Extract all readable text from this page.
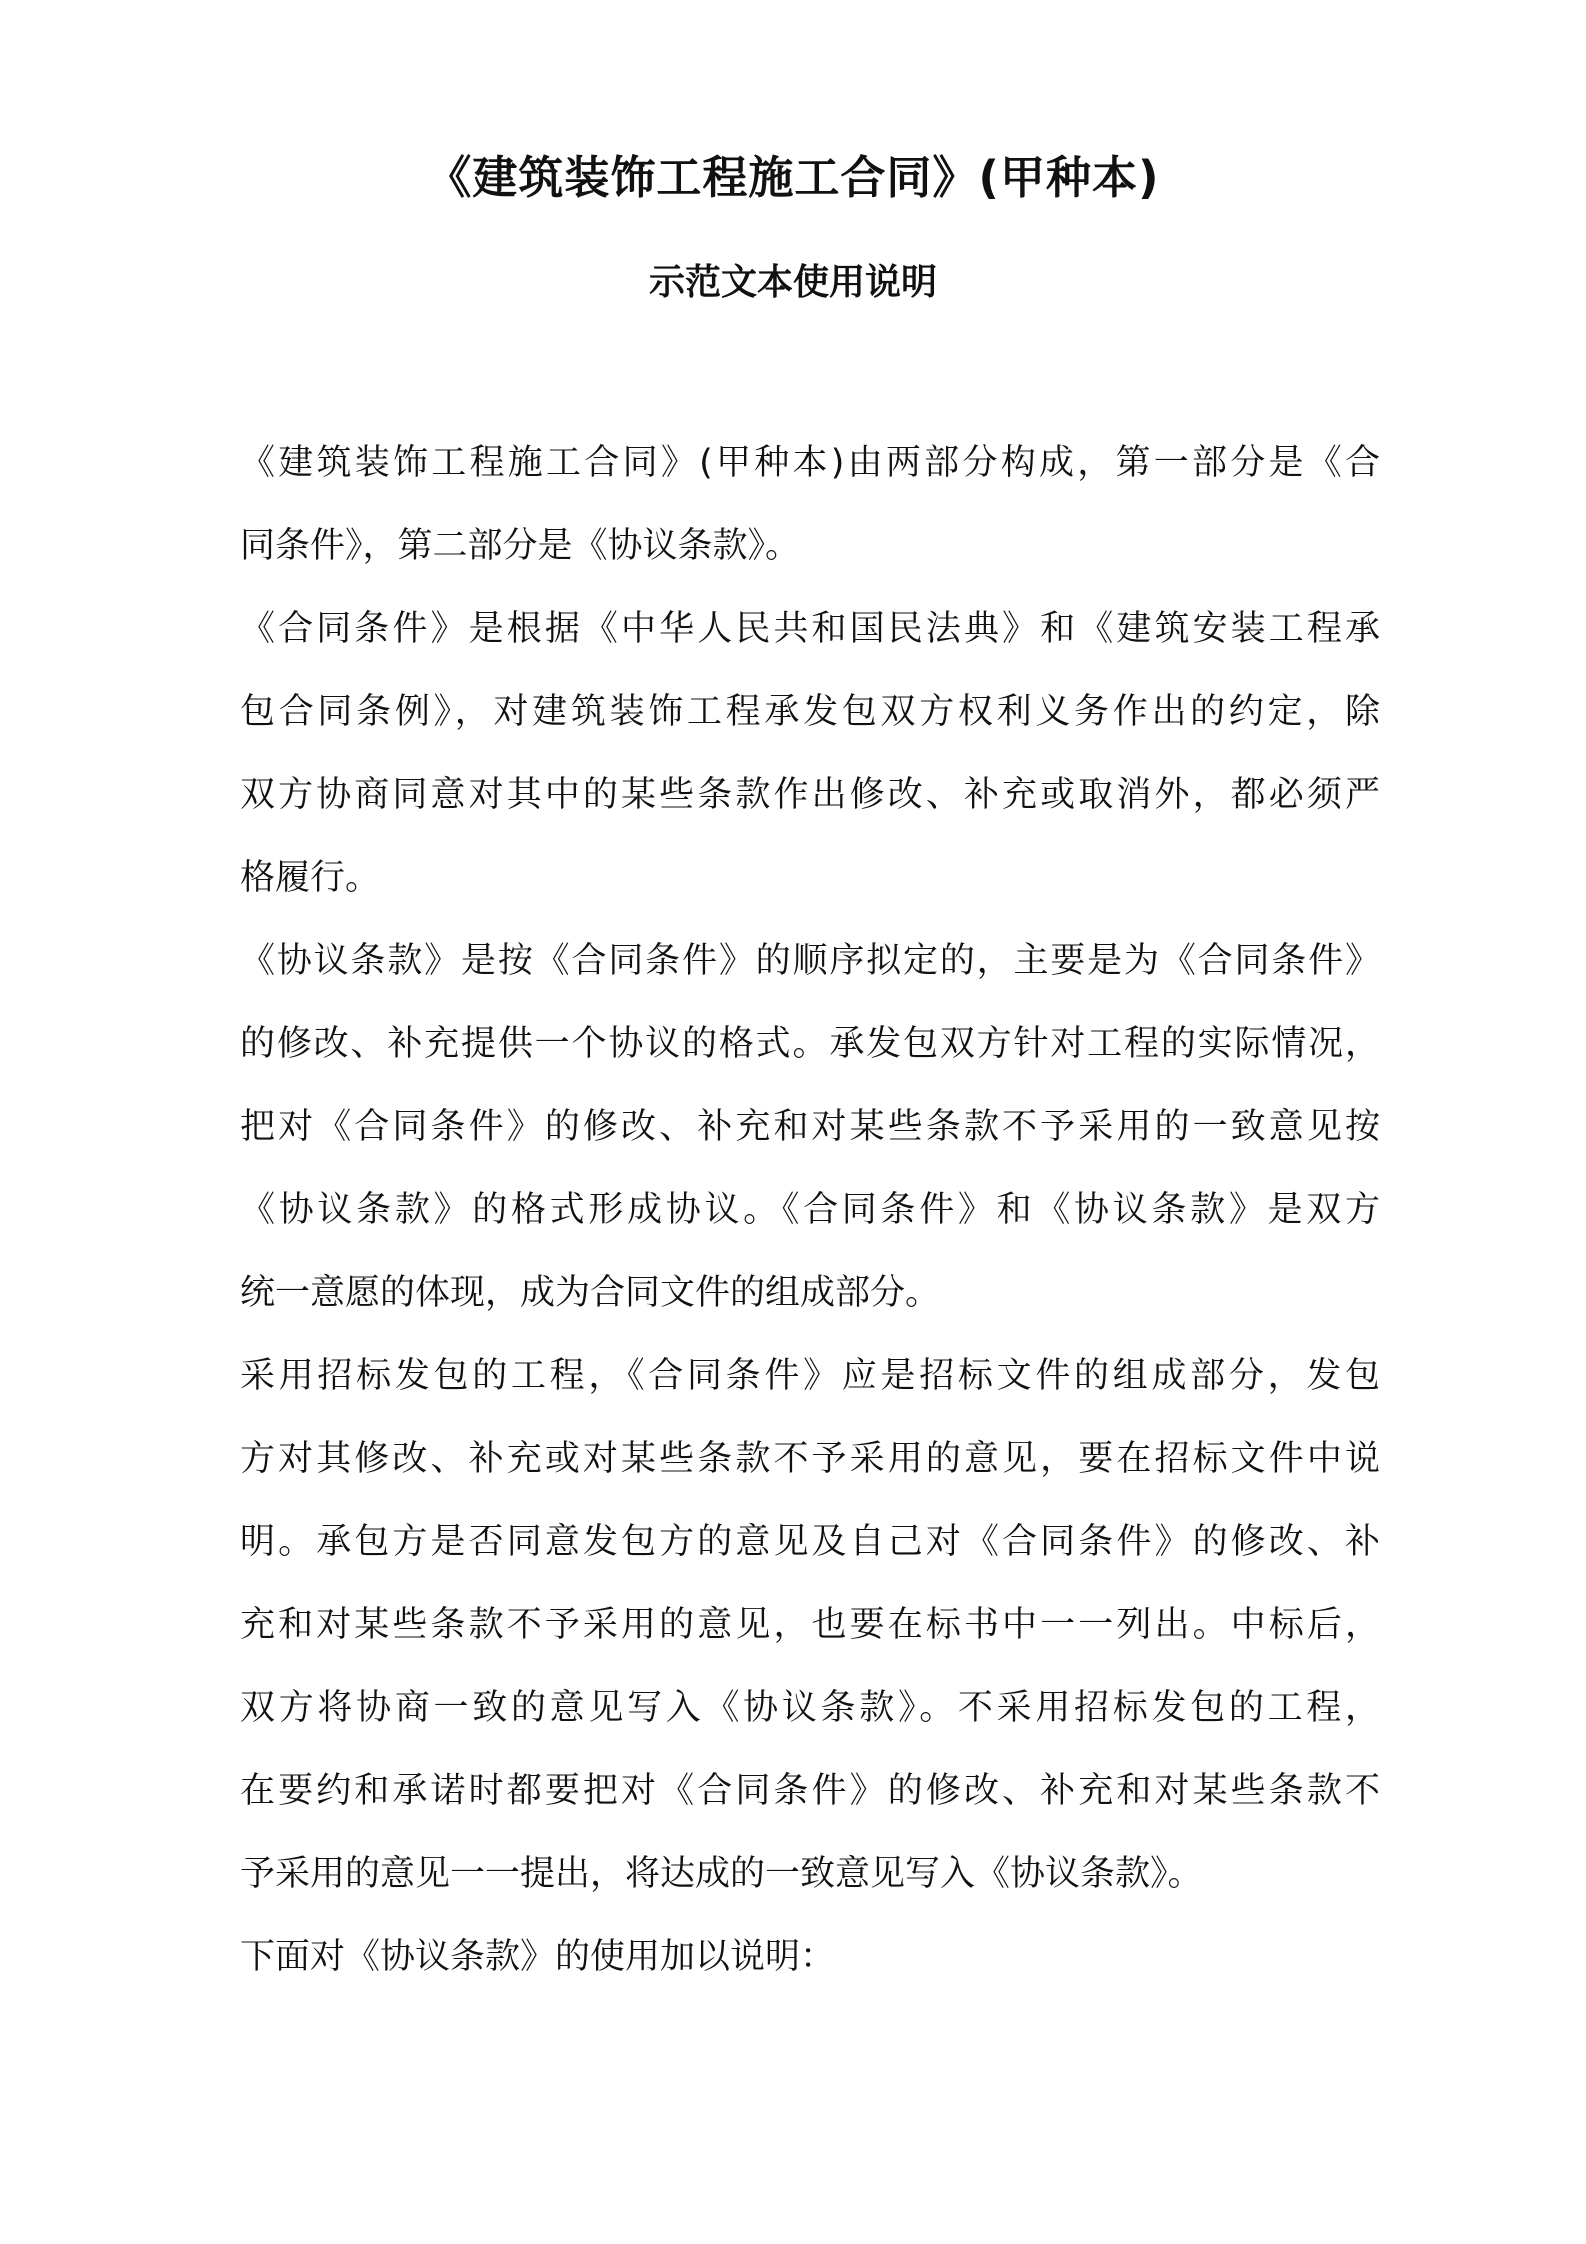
《建筑装饰工程施工合同》(甲种本)
示范文本使用说明

《建筑装饰工程施工合同》(甲种本)由两部分构成，第一部分是《合

同条件》，第二部分是《协议条款》。

《合同条件》是根据《中华人民共和国民法典》和《建筑安装工程承

包合同条例》，对建筑装饰工程承发包双方权利义务作出的约定，除

双方协商同意对其中的某些条款作出修改、补充或取消外，都必须严

格履行。

《协议条款》是按《合同条件》的顺序拟定的，主要是为《合同条件》

的修改、补充提供一个协议的格式。承发包双方针对工程的实际情况，

把对《合同条件》的修改、补充和对某些条款不予采用的一致意见按

《协议条款》的格式形成协议。《合同条件》和《协议条款》是双方

统一意愿的体现，成为合同文件的组成部分。

采用招标发包的工程，《合同条件》应是招标文件的组成部分，发包

方对其修改、补充或对某些条款不予采用的意见，要在招标文件中说

明。承包方是否同意发包方的意见及自己对《合同条件》的修改、补

充和对某些条款不予采用的意见，也要在标书中一一列出。中标后，

双方将协商一致的意见写入《协议条款》。不采用招标发包的工程，

在要约和承诺时都要把对《合同条件》的修改、补充和对某些条款不

予采用的意见一一提出，将达成的一致意见写入《协议条款》。

下面对《协议条款》的使用加以说明：
